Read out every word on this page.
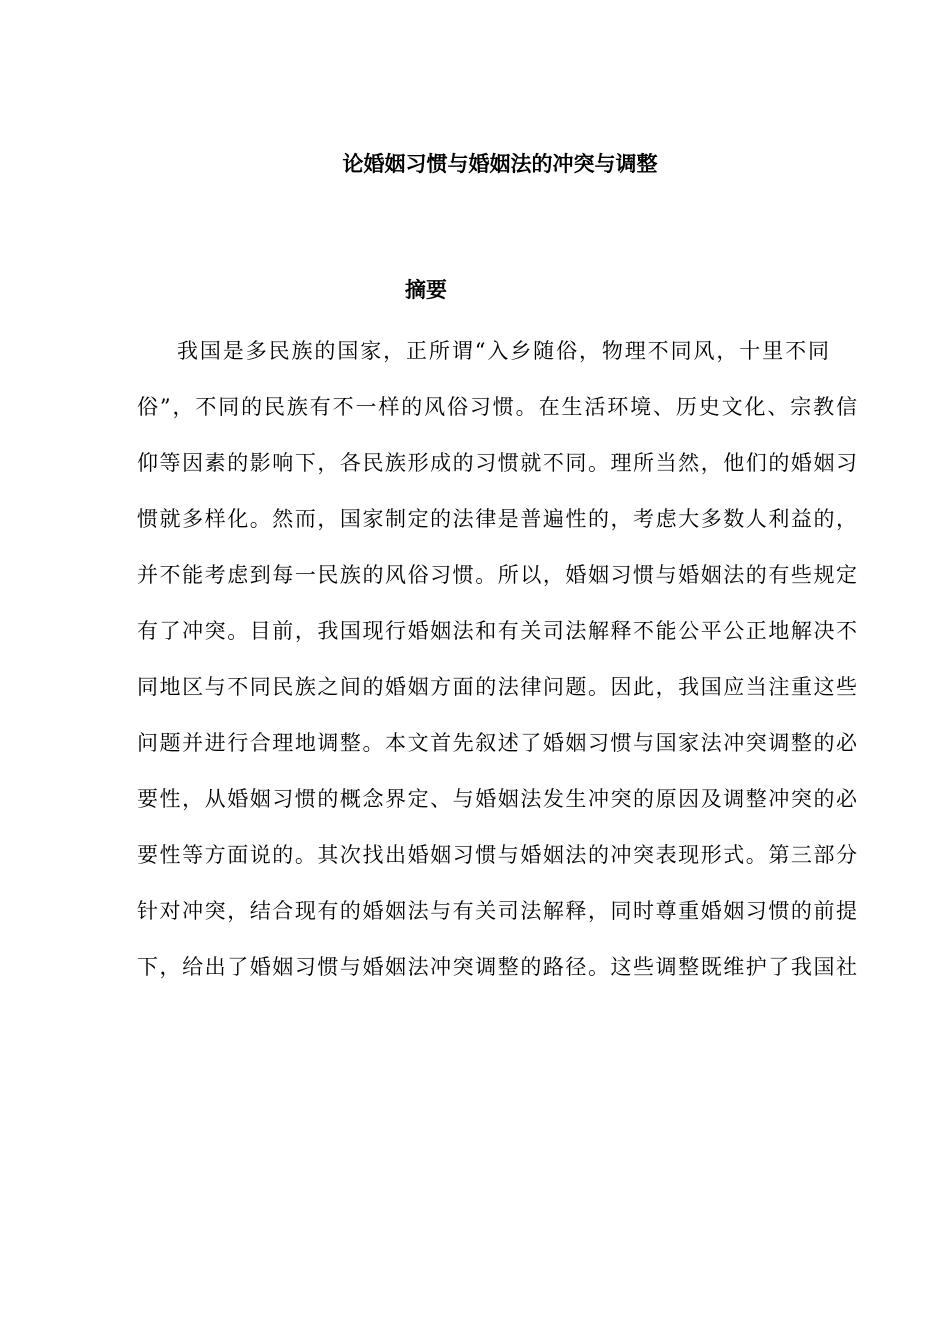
论婚姻习惯与婚姻法的冲突与调整
摘要
我国是多民族的国家，正所谓“入乡随俗，物理不同风，十里不同
俗”，不同的民族有不一样的风俗习惯。在生活环境、历史文化、宗教信
仰等因素的影响下，各民族形成的习惯就不同。理所当然，他们的婚姻习
惯就多样化。然而，国家制定的法律是普遍性的，考虑大多数人利益的，
并不能考虑到每一民族的风俗习惯。所以，婚姻习惯与婚姻法的有些规定
有了冲突。目前，我国现行婚姻法和有关司法解释不能公平公正地解决不
同地区与不同民族之间的婚姻方面的法律问题。因此，我国应当注重这些
问题并进行合理地调整。本文首先叙述了婚姻习惯与国家法冲突调整的必
要性，从婚姻习惯的概念界定、与婚姻法发生冲突的原因及调整冲突的必
要性等方面说的。其次找出婚姻习惯与婚姻法的冲突表现形式。第三部分
针对冲突，结合现有的婚姻法与有关司法解释，同时尊重婚姻习惯的前提
下，给出了婚姻习惯与婚姻法冲突调整的路径。这些调整既维护了我国社
